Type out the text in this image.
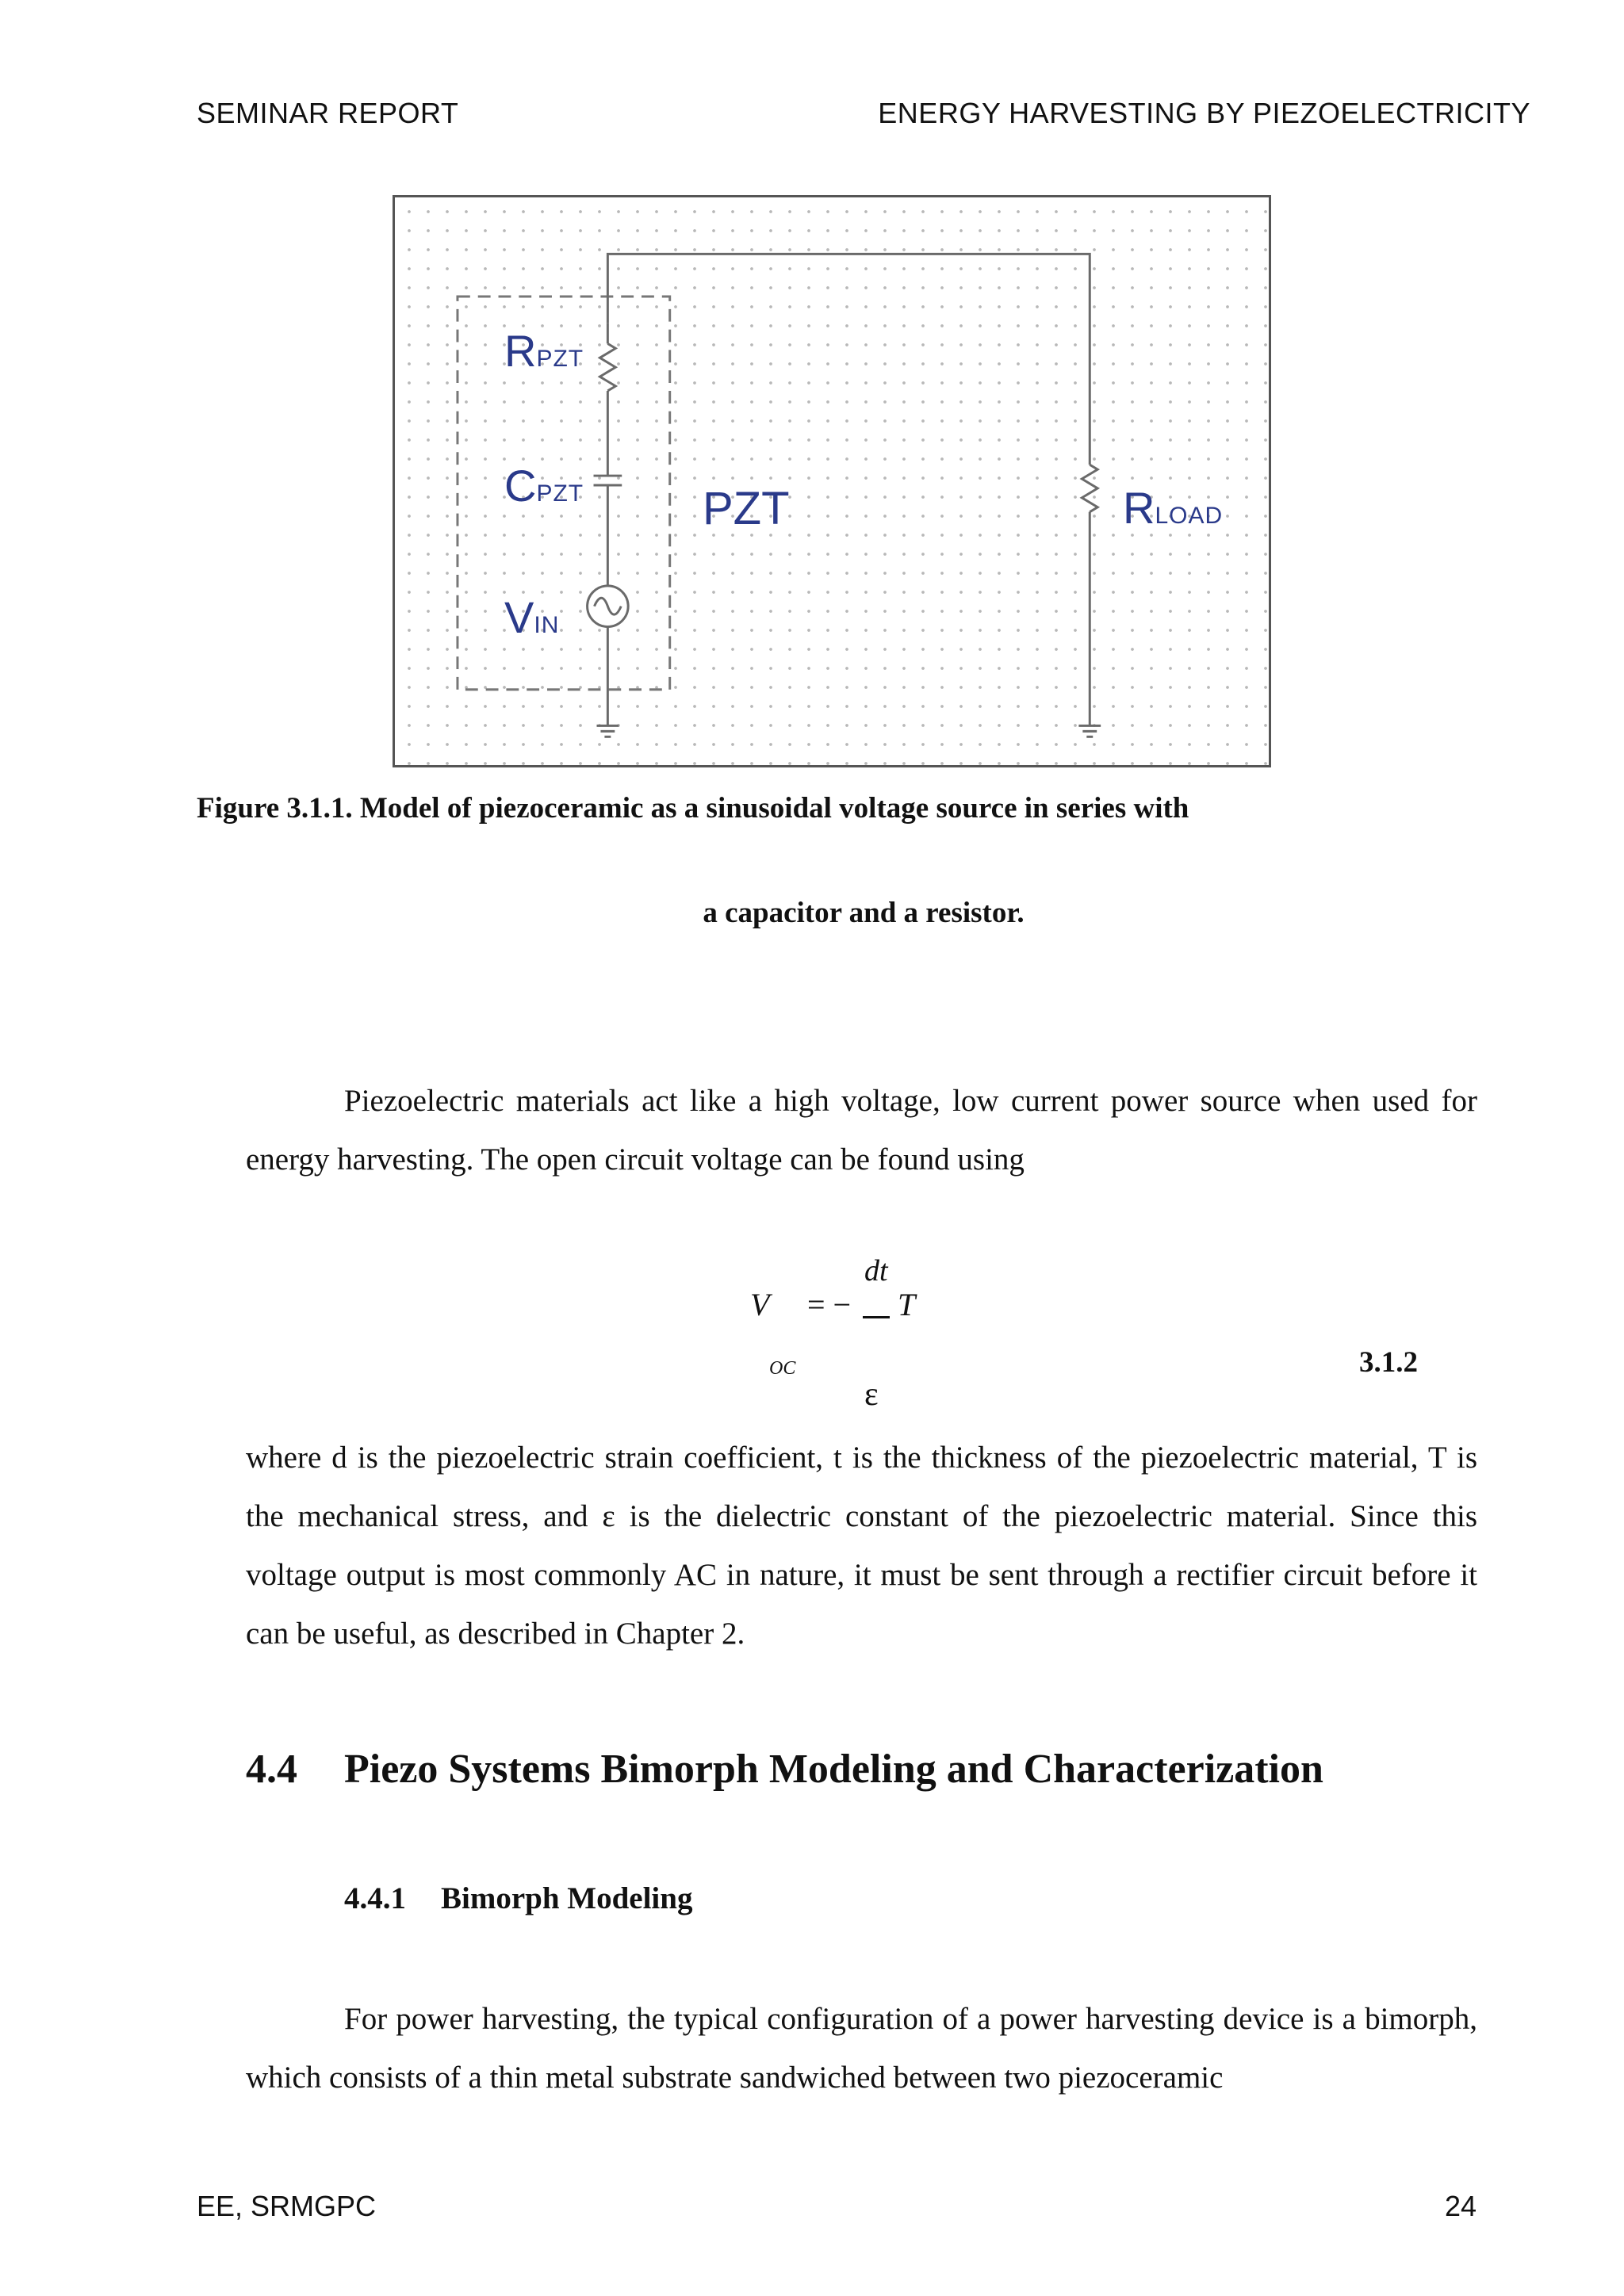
SEMINAR REPORT	ENERGY HARVESTING BY PIEZOELECTRICITY
RPZT
CPZT
VIN
PZT	RLOAD
Figure 3.1.1. Model of piezoceramic as a sinusoidal voltage source in series with
a capacitor and a resistor.
Piezoelectric materials act like a high voltage, low current power source when used for energy harvesting. The open circuit voltage can be found using
dt
V = − T
OC
ε
3.1.2
where d is the piezoelectric strain coefficient, t is the thickness of the piezoelectric material, T is the mechanical stress, and ε is the dielectric constant of the piezoelectric material. Since this voltage output is most commonly AC in nature, it must be sent through a rectifier circuit before it can be useful, as described in Chapter 2.
4.4 Piezo Systems Bimorph Modeling and Characterization
4.4.1 Bimorph Modeling
For power harvesting, the typical configuration of a power harvesting device is a bimorph, which consists of a thin metal substrate sandwiched between two piezoceramic
EE, SRMGPC	24
